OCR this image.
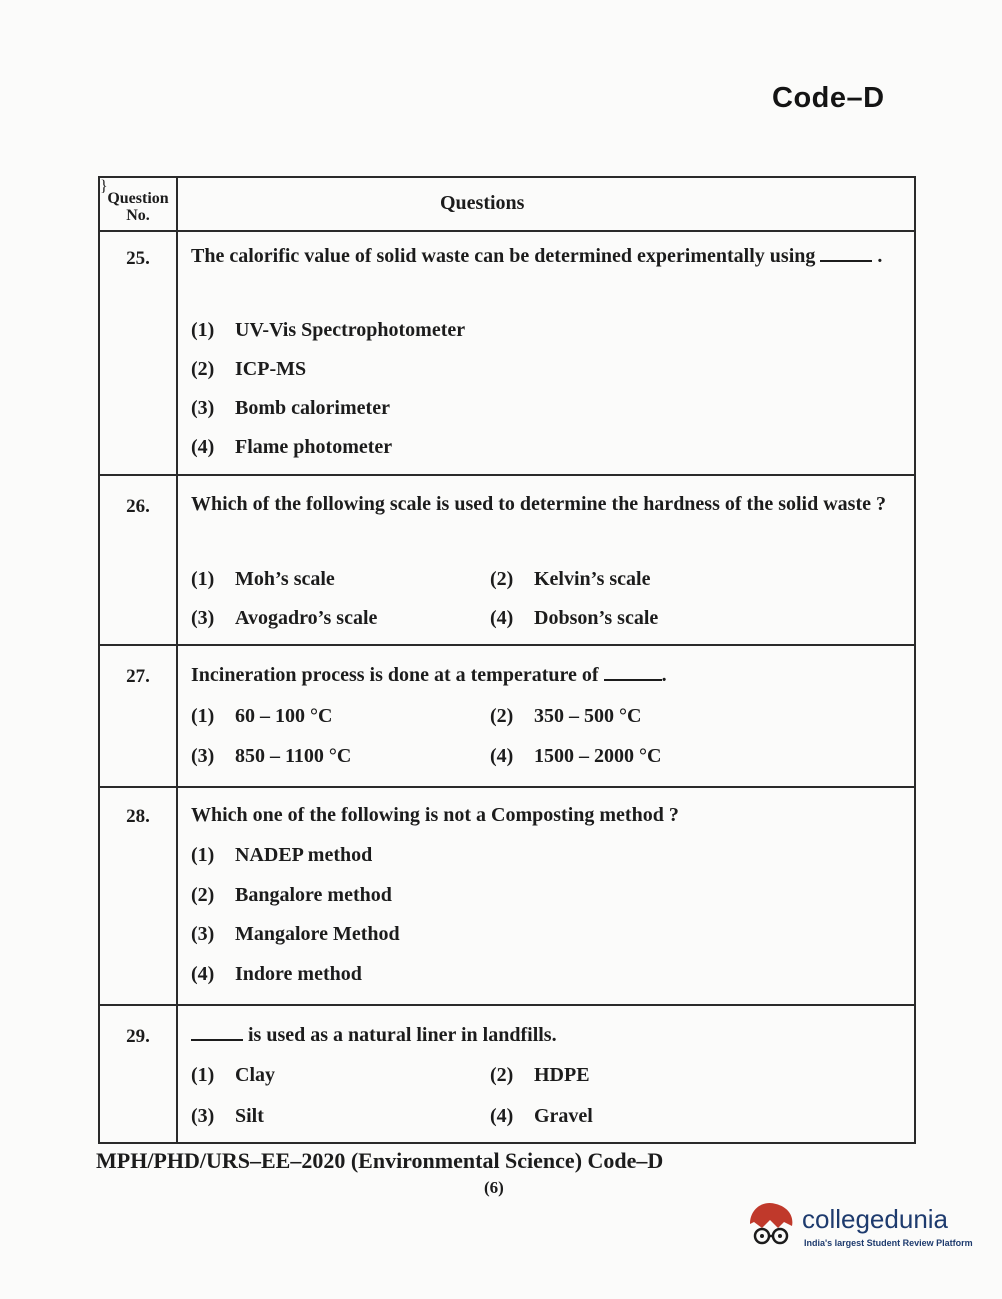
Code–D
Question No.
Questions
25.	The calorific value of solid waste can be determined experimentally using	.
(1) UV-Vis Spectrophotometer
(2) ICP-MS
(3) Bomb calorimeter
(4) Flame photometer
26.	Which of the following scale is used to determine the hardness of the solid waste ?
(1) Moh’s scale	(2) Kelvin’s scale
(3) Avogadro’s scale	(4) Dobson’s scale
27.	Incineration process is done at a temperature of	.
(1) 60 – 100 °C	(2) 350 – 500 °C
(3) 850 – 1100 °C	(4) 1500 – 2000 °C
28.	Which one of the following is not a Composting method ?
(1) NADEP method
(2) Bangalore method
(3) Mangalore Method
(4) Indore method
}
29.	is used as a natural liner in landfills.
(1) Clay	(2) HDPE
(3) Silt	(4) Gravel
MPH/PHD/URS–EE–2020 (Environmental Science) Code–D
(6)
collegedunia
India's largest Student Review Platform
